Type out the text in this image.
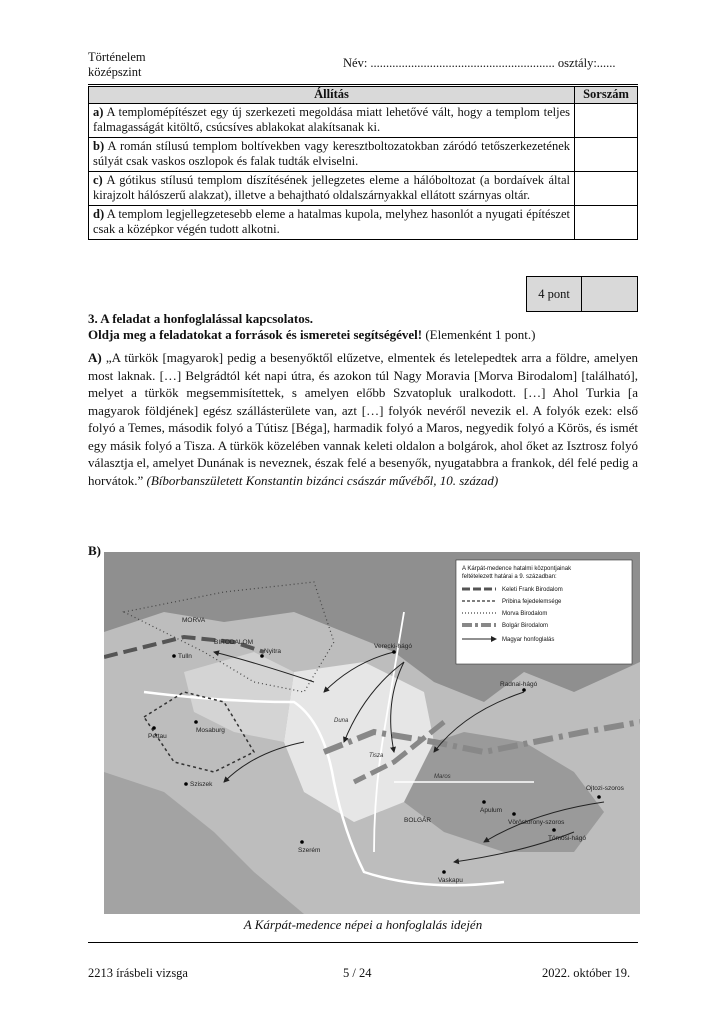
Történelem
középszint
Név: ........................................................... osztály:......
Állítás	Sorszám
a) A templomépítészet egy új szerkezeti megoldása miatt lehetővé vált, hogy a templom teljes falmagasságát kitöltő, csúcsíves ablakokat alakítsanak ki.	
b) A román stílusú templom boltívekben vagy keresztboltozatokban záródó tetőszerkezetének súlyát csak vaskos oszlopok és falak tudták elviselni.	
c) A gótikus stílusú templom díszítésének jellegzetes eleme a hálóboltozat (a bordaívek által kirajzolt hálószerű alakzat), illetve a behajtható oldalszárnyakkal ellátott szárnyas oltár.	
d) A templom legjellegzetesebb eleme a hatalmas kupola, melyhez hasonlót a nyugati építészet csak a középkor végén tudott alkotni.	
4 pont
3. A feladat a honfoglalással kapcsolatos.
Oldja meg a feladatokat a források és ismeretei segítségével! (Elemenként 1 pont.)
A) „A türkök [magyarok] pedig a besenyőktől elűzetve, elmentek és letelepedtek arra a földre, amelyen most laknak. […] Belgrádtól két napi útra, és azokon túl Nagy Moravia [Morva Birodalom] [található], melyet a türkök megsemmisítettek, s amelyen előbb Szvatopluk uralkodott. […] Ahol Turkia [a magyarok földjének] egész szállásterülete van, azt […] folyók nevéről nevezik el. A folyók ezek: első folyó a Temes, második folyó a Tútisz [Béga], harmadik folyó a Maros, negyedik folyó a Körös, és ismét egy másik folyó a Tisza. A türkök közelében vannak keleti oldalon a bolgárok, ahol őket az Isztrosz folyó választja el, amelyet Dunának is neveznek, észak felé a besenyők, nyugatabbra a frankok, dél felé pedig a horvátok.” (Bíborbanszületett Konstantin bizánci császár művéből, 10. század)
B)
A Kárpát-medence hatalmi központjainak
feltételezett határai a 9. században:
Keleti Frank Birodalom
Pribina fejedelemsége
Morva Birodalom
Bolgár Birodalom
Magyar honfoglalás
MORVA
BIRODALOM
Duna
Tisza
Maros
BOLGÁR
Tulln
Nyitra
Verecki-hágó
Radnai-hágó
Pettau
Mosaburg
Sziszek
Szerém
Apulum
Vaskapu
Vöröstorony-szoros
Tömösi-hágó
Ojtozi-szoros
A Kárpát-medence népei a honfoglalás idején
2213 írásbeli vizsga	5 / 24	2022. október 19.
